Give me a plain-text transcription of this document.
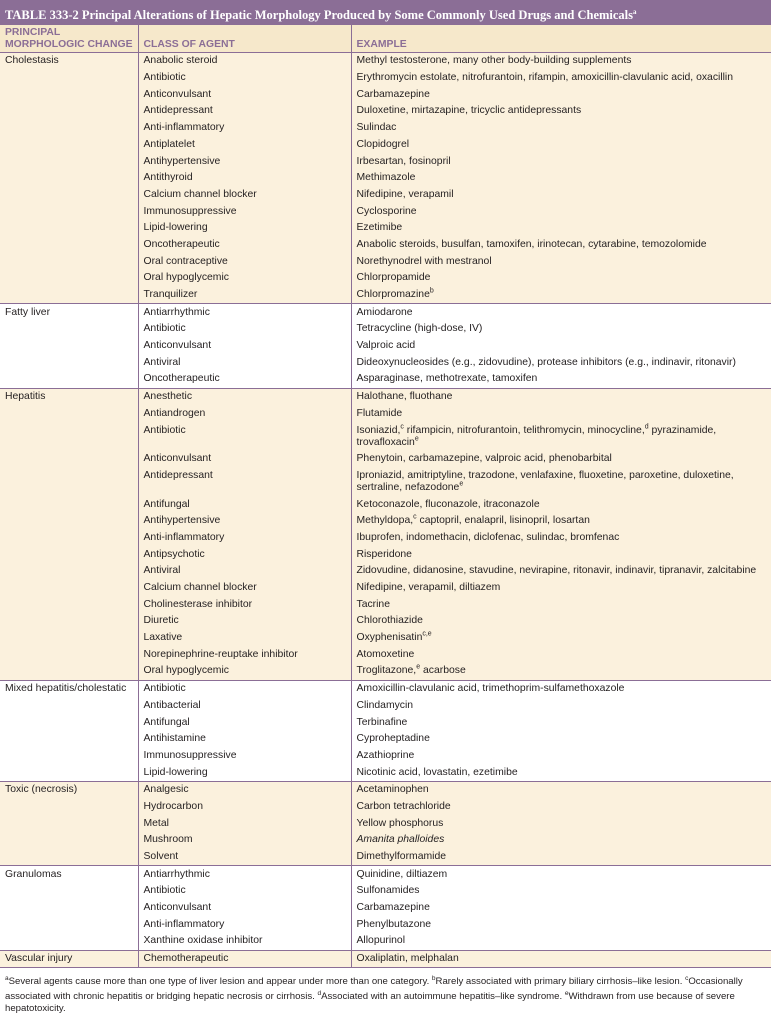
TABLE 333-2 Principal Alterations of Hepatic Morphology Produced by Some Commonly Used Drugs and Chemicals$^a$
PRINCIPAL
MORPHOLOGIC CHANGE	CLASS OF AGENT	EXAMPLE
Cholestasis	Anabolic steroid	Methyl testosterone, many other body-building supplements
	Antibiotic	Erythromycin estolate, nitrofurantoin, rifampin, amoxicillin-clavulanic acid, oxacillin
	Anticonvulsant	Carbamazepine
	Antidepressant	Duloxetine, mirtazapine, tricyclic antidepressants
	Anti-inflammatory	Sulindac
	Antiplatelet	Clopidogrel
	Antihypertensive	Irbesartan, fosinopril
	Antithyroid	Methimazole
	Calcium channel blocker	Nifedipine, verapamil
	Immunosuppressive	Cyclosporine
	Lipid-lowering	Ezetimibe
	Oncotherapeutic	Anabolic steroids, busulfan, tamoxifen, irinotecan, cytarabine, temozolomide
	Oral contraceptive	Norethynodrel with mestranol
	Oral hypoglycemic	Chlorpropamide
	Tranquilizer	Chlorpromazine$^b$
Fatty liver	Antiarrhythmic	Amiodarone
	Antibiotic	Tetracycline (high-dose, IV)
	Anticonvulsant	Valproic acid
	Antiviral	Dideoxynucleosides (e.g., zidovudine), protease inhibitors (e.g., indinavir, ritonavir)
	Oncotherapeutic	Asparaginase, methotrexate, tamoxifen
Hepatitis	Anesthetic	Halothane, fluothane
	Antiandrogen	Flutamide
	Antibiotic	Isoniazid,$^c$ rifampicin, nitrofurantoin, telithromycin, minocycline,$^d$ pyrazinamide, trovafloxacin$^e$
	Anticonvulsant	Phenytoin, carbamazepine, valproic acid, phenobarbital
	Antidepressant	Iproniazid, amitriptyline, trazodone, venlafaxine, fluoxetine, paroxetine, duloxetine, sertraline, nefazodone$^e$
	Antifungal	Ketoconazole, fluconazole, itraconazole
	Antihypertensive	Methyldopa,$^c$ captopril, enalapril, lisinopril, losartan
	Anti-inflammatory	Ibuprofen, indomethacin, diclofenac, sulindac, bromfenac
	Antipsychotic	Risperidone
	Antiviral	Zidovudine, didanosine, stavudine, nevirapine, ritonavir, indinavir, tipranavir, zalcitabine
	Calcium channel blocker	Nifedipine, verapamil, diltiazem
	Cholinesterase inhibitor	Tacrine
	Diuretic	Chlorothiazide
	Laxative	Oxyphenisatin$^{c,e}$
	Norepinephrine-reuptake inhibitor	Atomoxetine
	Oral hypoglycemic	Troglitazone,$^e$ acarbose
Mixed hepatitis/cholestatic	Antibiotic	Amoxicillin-clavulanic acid, trimethoprim-sulfamethoxazole
	Antibacterial	Clindamycin
	Antifungal	Terbinafine
	Antihistamine	Cyproheptadine
	Immunosuppressive	Azathioprine
	Lipid-lowering	Nicotinic acid, lovastatin, ezetimibe
Toxic (necrosis)	Analgesic	Acetaminophen
	Hydrocarbon	Carbon tetrachloride
	Metal	Yellow phosphorus
	Mushroom	Amanita phalloides
	Solvent	Dimethylformamide
Granulomas	Antiarrhythmic	Quinidine, diltiazem
	Antibiotic	Sulfonamides
	Anticonvulsant	Carbamazepine
	Anti-inflammatory	Phenylbutazone
	Xanthine oxidase inhibitor	Allopurinol
Vascular injury	Chemotherapeutic	Oxaliplatin, melphalan
$^a$Several agents cause more than one type of liver lesion and appear under more than one category. $^b$Rarely associated with primary biliary cirrhosis–like lesion. $^c$Occasionally associated with chronic hepatitis or bridging hepatic necrosis or cirrhosis. $^d$Associated with an autoimmune hepatitis–like syndrome. $^e$Withdrawn from use because of severe hepatotoxicity.
